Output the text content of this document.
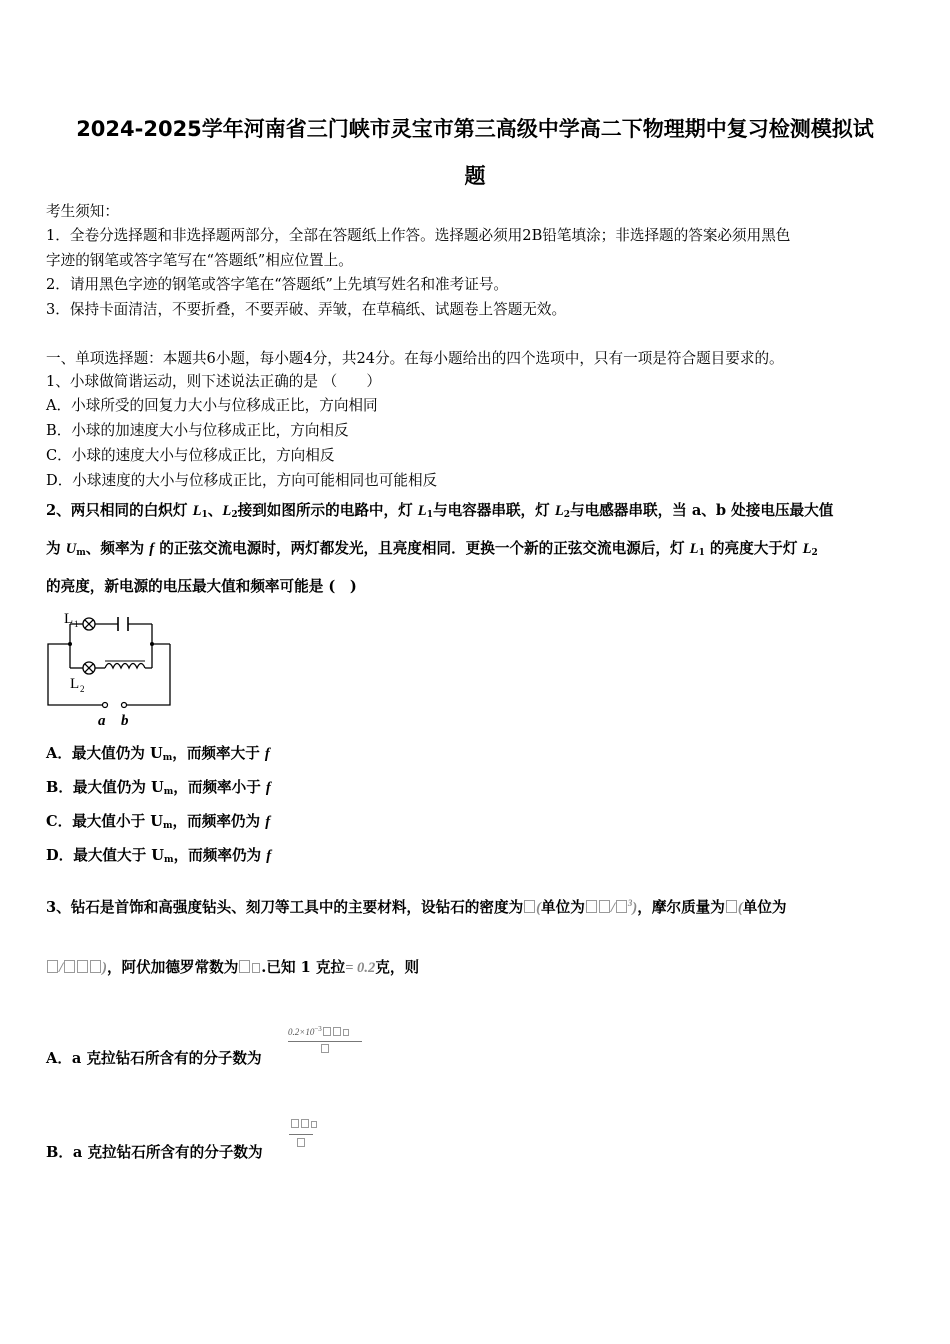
2024-2025学年河南省三门峡市灵宝市第三高级中学高二下物理期中复习检测模拟试
题
考生须知：
1．全卷分选择题和非选择题两部分，全部在答题纸上作答。选择题必须用2B铅笔填涂；非选择题的答案必须用黑色
字迹的钢笔或答字笔写在“答题纸”相应位置上。
2．请用黑色字迹的钢笔或答字笔在“答题纸”上先填写姓名和准考证号。
3．保持卡面清洁，不要折叠，不要弄破、弄皱，在草稿纸、试题卷上答题无效。
一、单项选择题：本题共6小题，每小题4分，共24分。在每小题给出的四个选项中，只有一项是符合题目要求的。
1、小球做简谐运动，则下述说法正确的是 （　　）
A．小球所受的回复力大小与位移成正比，方向相同
B．小球的加速度大小与位移成正比，方向相反
C．小球的速度大小与位移成正比，方向相反
D．小球速度的大小与位移成正比，方向可能相同也可能相反
2、两只相同的白炽灯 $L_1$、$L_2$接到如图所示的电路中，灯 $L_1$与电容器串联，灯 $L_2$与电感器串联，当 a、b 处接电压最大值
为 $U_m$、频率为 f 的正弦交流电源时，两灯都发光，且亮度相同．更换一个新的正弦交流电源后，灯 $L_1$ 的亮度大于灯 $L_2$
的亮度，新电源的电压最大值和频率可能是 (　)
L 1
L 2
a b
A．最大值仍为 $U_m$，而频率大于 f
B．最大值仍为 $U_m$，而频率小于 f
C．最大值小于 $U_m$，而频率仍为 f
D．最大值大于 $U_m$，而频率仍为 f
3、钻石是首饰和高强度钻头、刻刀等工具中的主要材料，设钻石的密度为 (单位为 / $^3$)，摩尔质量为 (单位为
/	)，阿伏加德罗常数为 .已知 1 克拉= 0.2克，则
A．a 克拉钻石所含有的分子数为
$0.2\times 10^{-3}$
B．a 克拉钻石所含有的分子数为
